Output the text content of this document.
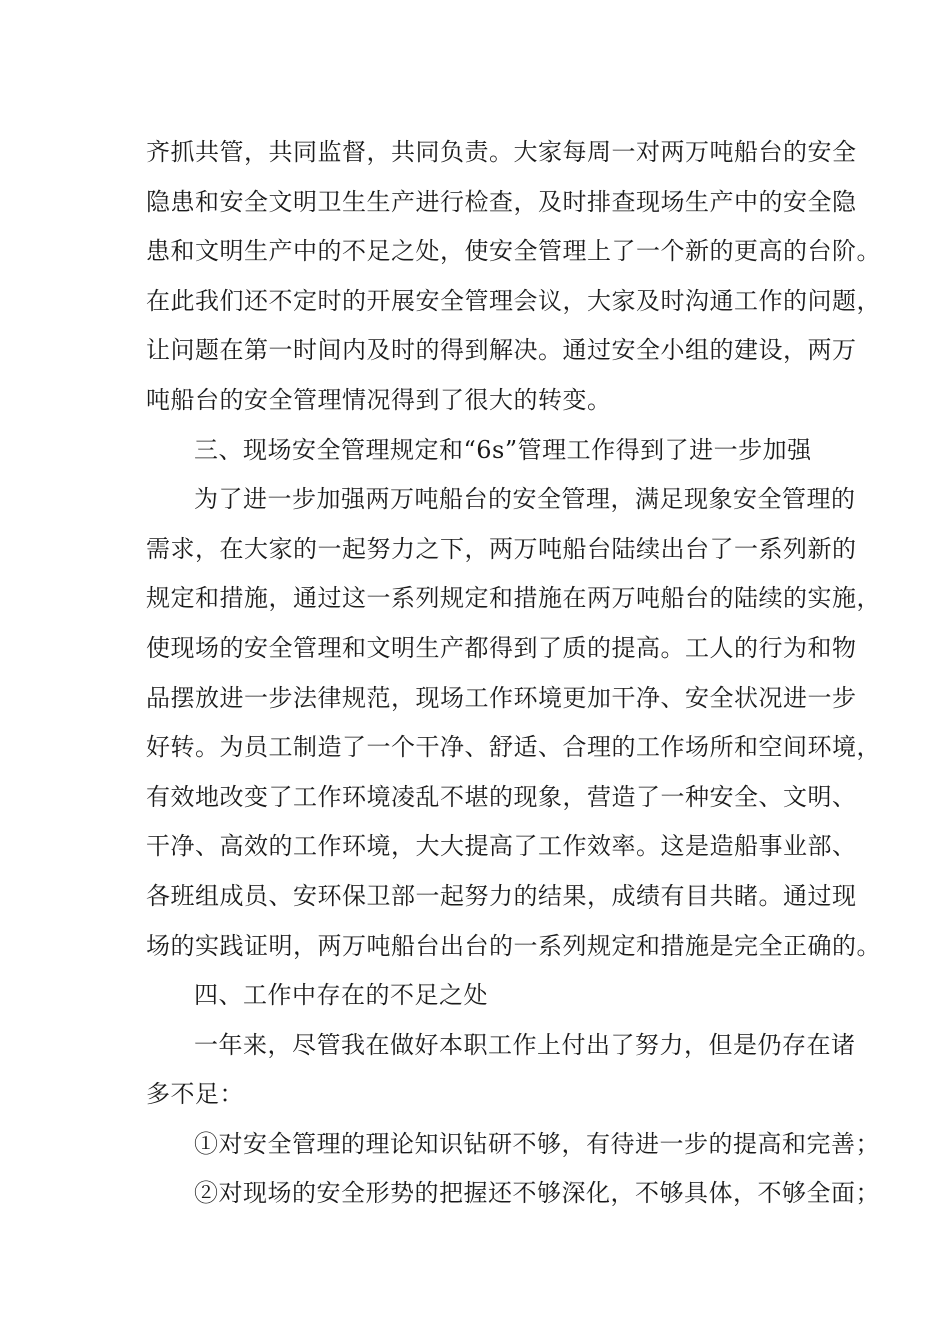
齐抓共管，共同监督，共同负责。大家每周一对两万吨船台的安全
隐患和安全文明卫生生产进行检查，及时排查现场生产中的安全隐
患和文明生产中的不足之处，使安全管理上了一个新的更高的台阶。
在此我们还不定时的开展安全管理会议，大家及时沟通工作的问题，
让问题在第一时间内及时的得到解决。通过安全小组的建设，两万
吨船台的安全管理情况得到了很大的转变。
三、现场安全管理规定和“6s”管理工作得到了进一步加强
为了进一步加强两万吨船台的安全管理，满足现象安全管理的
需求，在大家的一起努力之下，两万吨船台陆续出台了一系列新的
规定和措施，通过这一系列规定和措施在两万吨船台的陆续的实施，
使现场的安全管理和文明生产都得到了质的提高。工人的行为和物
品摆放进一步法律规范，现场工作环境更加干净、安全状况进一步
好转。为员工制造了一个干净、舒适、合理的工作场所和空间环境，
有效地改变了工作环境凌乱不堪的现象，营造了一种安全、文明、
干净、高效的工作环境，大大提高了工作效率。这是造船事业部、
各班组成员、安环保卫部一起努力的结果，成绩有目共睹。通过现
场的实践证明，两万吨船台出台的一系列规定和措施是完全正确的。
四、工作中存在的不足之处
一年来，尽管我在做好本职工作上付出了努力，但是仍存在诸
多不足：
①对安全管理的理论知识钻研不够，有待进一步的提高和完善；
②对现场的安全形势的把握还不够深化，不够具体，不够全面；
